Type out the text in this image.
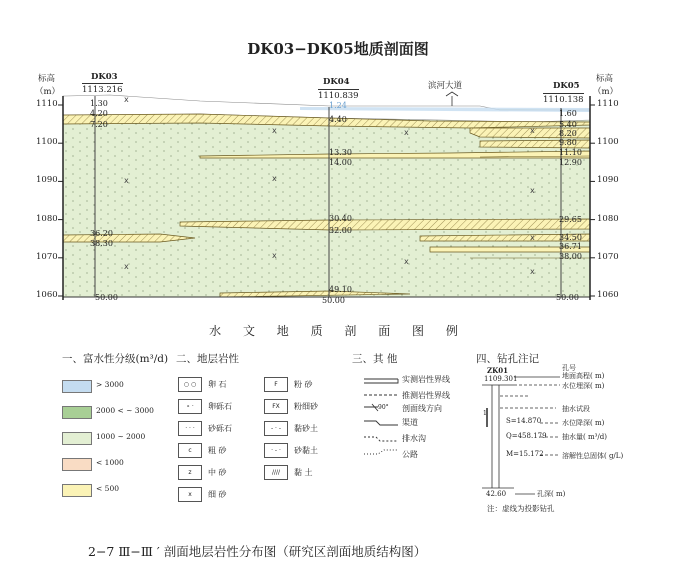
x
x
x
x
x
x
x
x
x
x
x
x
DK03−DK05地质剖面图
标高
（m）
标高
（m）
1110	1110
1100	1100
1090	1090
1080	1080
1070	1070
1060	1060
DK03
1113.216
DK04
1110.839
DK05
1110.138
滨河大道
1.30
4.20
7.20
36.20
38.30
50.00
1.24
4.40
13.30
14.00
30.40
32.00
49.10
50.00
1.60
5.40
8.20
9.80
11.10
12.90
29.65
34.50
36.71
38.00
50.00
水 文 地 质 剖 面 图 例
一、富水性分级(m³/d)
> 3000
2000 < ~ 3000
1000 ~ 2000
< 1000
< 500
二、地层岩性
○ ○	卵 石
∘ ·	卵砾石
· · ·	砂砾石
c	粗 砂
z	中 砂
x	细 砂
F	粉 砂
FX	粉细砂
- · -	黏砂土
· - ·	砂黏土
////	黏 土
三、其 他
实测岩性界线
推测岩性界线
剖面线方向
渠道
排水沟
公路
90°
四、钻孔注记
ZK01
1109.301
1
S=14.870
Q=458.179
M=15.172
42.60
孔号
地面高程( m)
水位埋深( m)
抽水试段
水位降深( m)
抽水量( m³/d)
溶解性总固体( g/L)
孔深( m)
注：虚线为投影钻孔
2−7 Ⅲ−Ⅲ ′ 剖面地层岩性分布图（研究区剖面地质结构图）
